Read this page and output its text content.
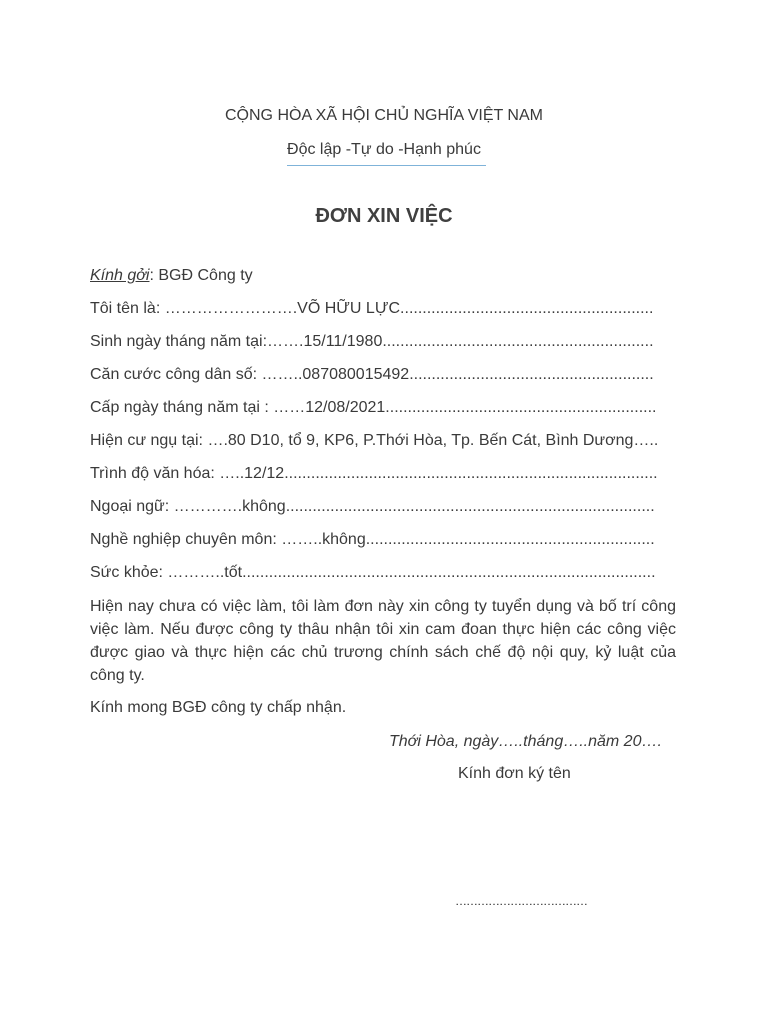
CỘNG HÒA XÃ HỘI CHỦ NGHĨA VIỆT NAM
Độc lập -Tự do -Hạnh phúc
ĐƠN XIN VIỆC
Kính gởi: BGĐ Công ty
Tôi tên là: …………………….VÕ HỮU LỰC.........................................................
Sinh ngày tháng năm tại:…….15/11/1980.............................................................
Căn cước công dân số: ……..087080015492.......................................................
Cấp ngày tháng năm tại : ……12/08/2021.............................................................
Hiện cư ngụ tại: ….80 D10, tổ 9, KP6, P.Thới Hòa, Tp. Bến Cát, Bình Dương…..
Trình độ văn hóa: …..12/12....................................................................................
Ngoại ngữ: ………….không...................................................................................
Nghề nghiệp chuyên môn: ……..không.................................................................
Sức khỏe: ………..tốt.............................................................................................
Hiện nay chưa có việc làm, tôi làm đơn này xin công ty tuyển dụng và bố trí công việc làm. Nếu được công ty thâu nhận tôi xin cam đoan thực hiện các công việc được giao và thực hiện các chủ trương chính sách chế độ nội quy, kỷ luật của công ty.
Kính mong BGĐ công ty chấp nhận.
Thới Hòa, ngày…..tháng…..năm 20….
Kính đơn ký tên
………………………………
